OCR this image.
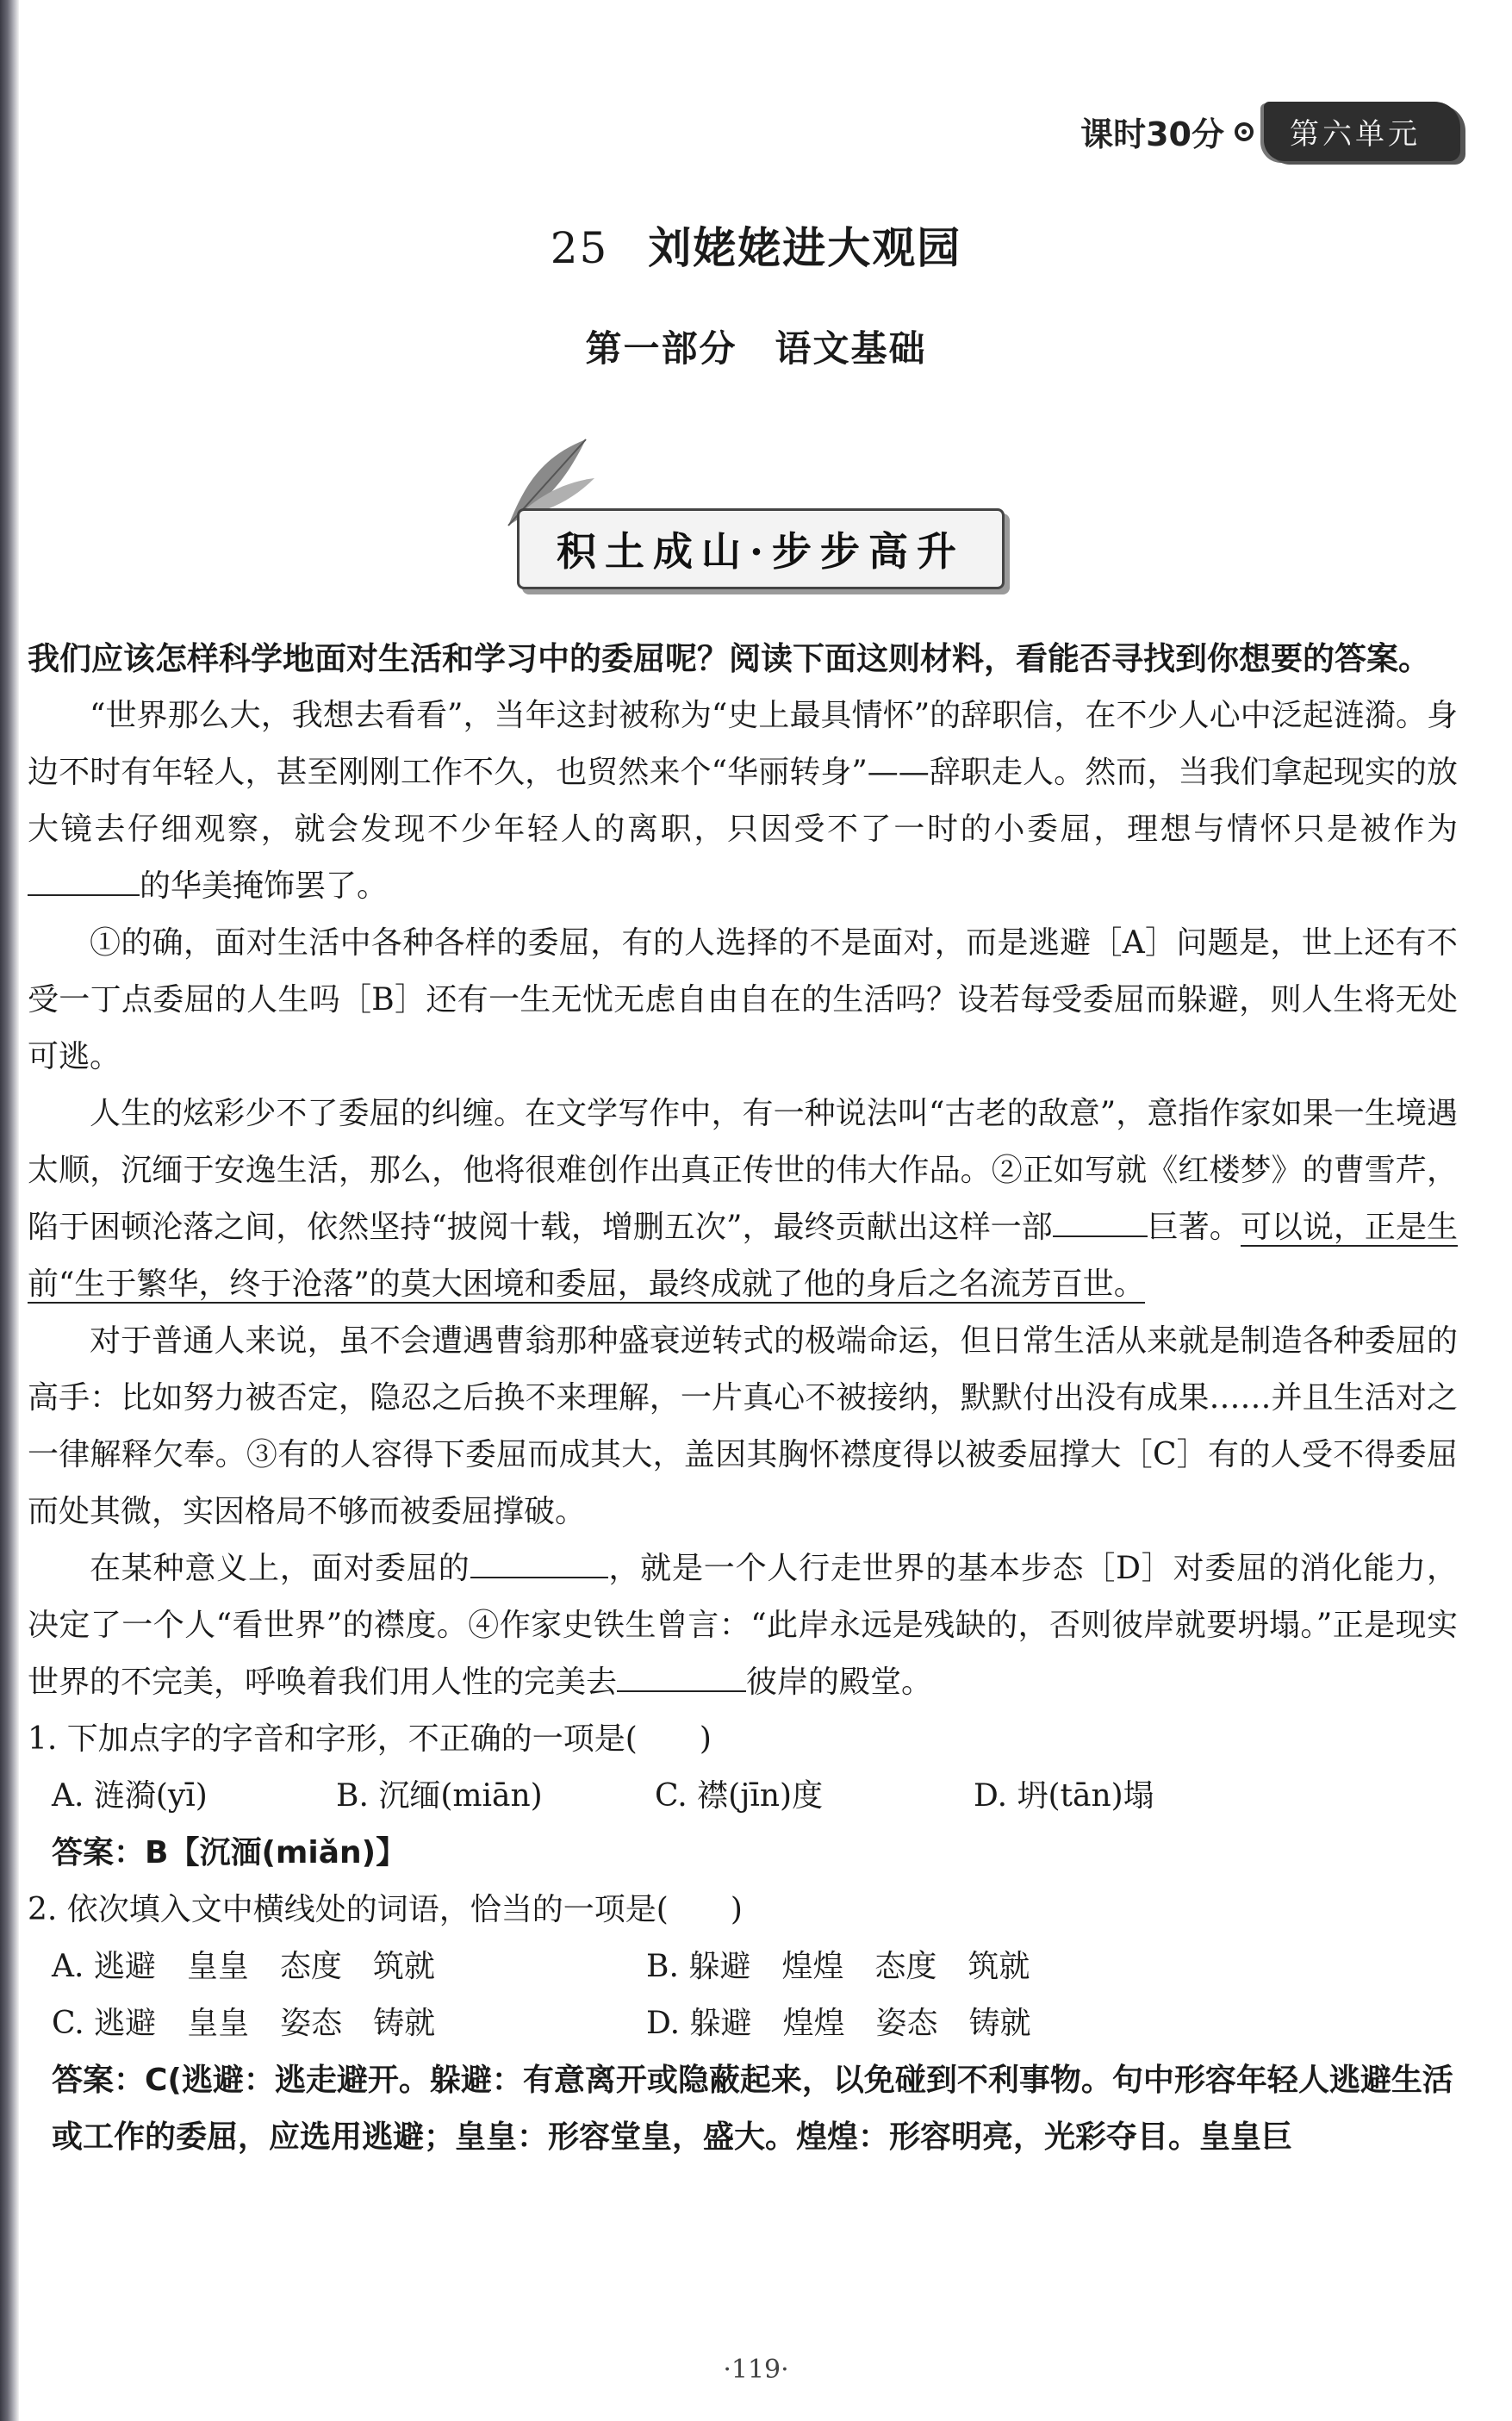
课时30分	第六单元
25 刘姥姥进大观园
第一部分　语文基础
积土成山·步步高升

我们应该怎样科学地面对生活和学习中的委屈呢？阅读下面这则材料，看能否寻找到你想要的答案。

“世界那么大，我想去看看”，当年这封被称为“史上最具情怀”的辞职信，在不少人心中泛起涟漪。身边不时有年轻人，甚至刚刚工作不久，也贸然来个“华丽转身”——辞职走人。然而，当我们拿起现实的放大镜去仔细观察，就会发现不少年轻人的离职，只因受不了一时的小委屈，理想与情怀只是被作为的华美掩饰罢了。

①的确，面对生活中各种各样的委屈，有的人选择的不是面对，而是逃避［A］问题是，世上还有不受一丁点委屈的人生吗［B］还有一生无忧无虑自由自在的生活吗？设若每受委屈而躲避，则人生将无处可逃。

人生的炫彩少不了委屈的纠缠。在文学写作中，有一种说法叫“古老的敌意”，意指作家如果一生境遇太顺，沉缅于安逸生活，那么，他将很难创作出真正传世的伟大作品。②正如写就《红楼梦》的曹雪芹，陷于困顿沦落之间，依然坚持“披阅十载，增删五次”，最终贡献出这样一部	巨著。可以说，正是生前“生于繁华，终于沧落”的莫大困境和委屈，最终成就了他的身后之名流芳百世。

对于普通人来说，虽不会遭遇曹翁那种盛衰逆转式的极端命运，但日常生活从来就是制造各种委屈的高手：比如努力被否定，隐忍之后换不来理解，一片真心不被接纳，默默付出没有成果……并且生活对之一律解释欠奉。③有的人容得下委屈而成其大，盖因其胸怀襟度得以被委屈撑大［C］有的人受不得委屈而处其微，实因格局不够而被委屈撑破。

在某种意义上，面对委屈的	，就是一个人行走世界的基本步态［D］对委屈的消化能力，决定了一个人“看世界”的襟度。④作家史铁生曾言：“此岸永远是残缺的，否则彼岸就要坍塌。”正是现实世界的不完美，呼唤着我们用人性的完美去	彼岸的殿堂。

1. 下加点字的字音和字形，不正确的一项是(　　)

A. 涟漪(yī)	B. 沉缅(miān)	C. 襟(jīn)度	D. 坍(tān)塌

答案：B【沉湎(miǎn)】

2. 依次填入文中横线处的词语，恰当的一项是(　　)

A. 逃避　皇皇　态度　筑就	B. 躲避　煌煌　态度　筑就
C. 逃避　皇皇　姿态　铸就	D. 躲避　煌煌　姿态　铸就

答案：C(逃避：逃走避开。躲避：有意离开或隐蔽起来，以免碰到不利事物。句中形容年轻人逃避生活或工作的委屈，应选用逃避；皇皇：形容堂皇，盛大。煌煌：形容明亮，光彩夺目。皇皇巨

·119·
